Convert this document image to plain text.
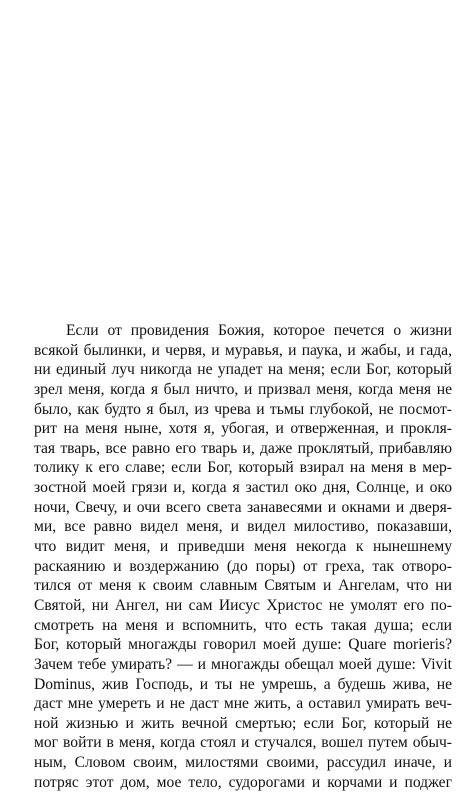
Если от провидения Божия, которое печется о жизни
всякой былинки, и червя, и муравья, и паука, и жабы, и гада,
ни единый луч никогда не упадет на меня; если Бог, который
зрел меня, когда я был ничто, и призвал меня, когда меня не
было, как будто я был, из чрева и тьмы глубокой, не посмот-
рит на меня ныне, хотя я, убогая, и отверженная, и прокля-
тая тварь, все равно его тварь и, даже проклятый, прибавляю
толику к его славе; если Бог, который взирал на меня в мер-
зостной моей грязи и, когда я застил око дня, Солнце, и око
ночи, Свечу, и очи всего света занавесями и окнами и дверя-
ми, все равно видел меня, и видел милостиво, показавши,
что видит меня, и приведши меня некогда к нынешнему
раскаянию и воздержанию (до поры) от греха, так отворо-
тился от меня к своим славным Святым и Ангелам, что ни
Святой, ни Ангел, ни сам Иисус Христос не умолят его по-
смотреть на меня и вспомнить, что есть такая душа; если
Бог, который многажды говорил моей душе: Quare morieris?
Зачем тебе умирать? — и многажды обещал моей душе: Vivit
Dominus, жив Господь, и ты не умрешь, а будешь жива, не
даст мне умереть и не даст мне жить, а оставил умирать веч-
ной жизнью и жить вечной смертью; если Бог, который не
мог войти в меня, когда стоял и стучался, вошел путем обыч-
ным, Словом своим, милостями своими, рассудил иначе, и
потряс этот дом, мое тело, судорогами и корчами и поджег
